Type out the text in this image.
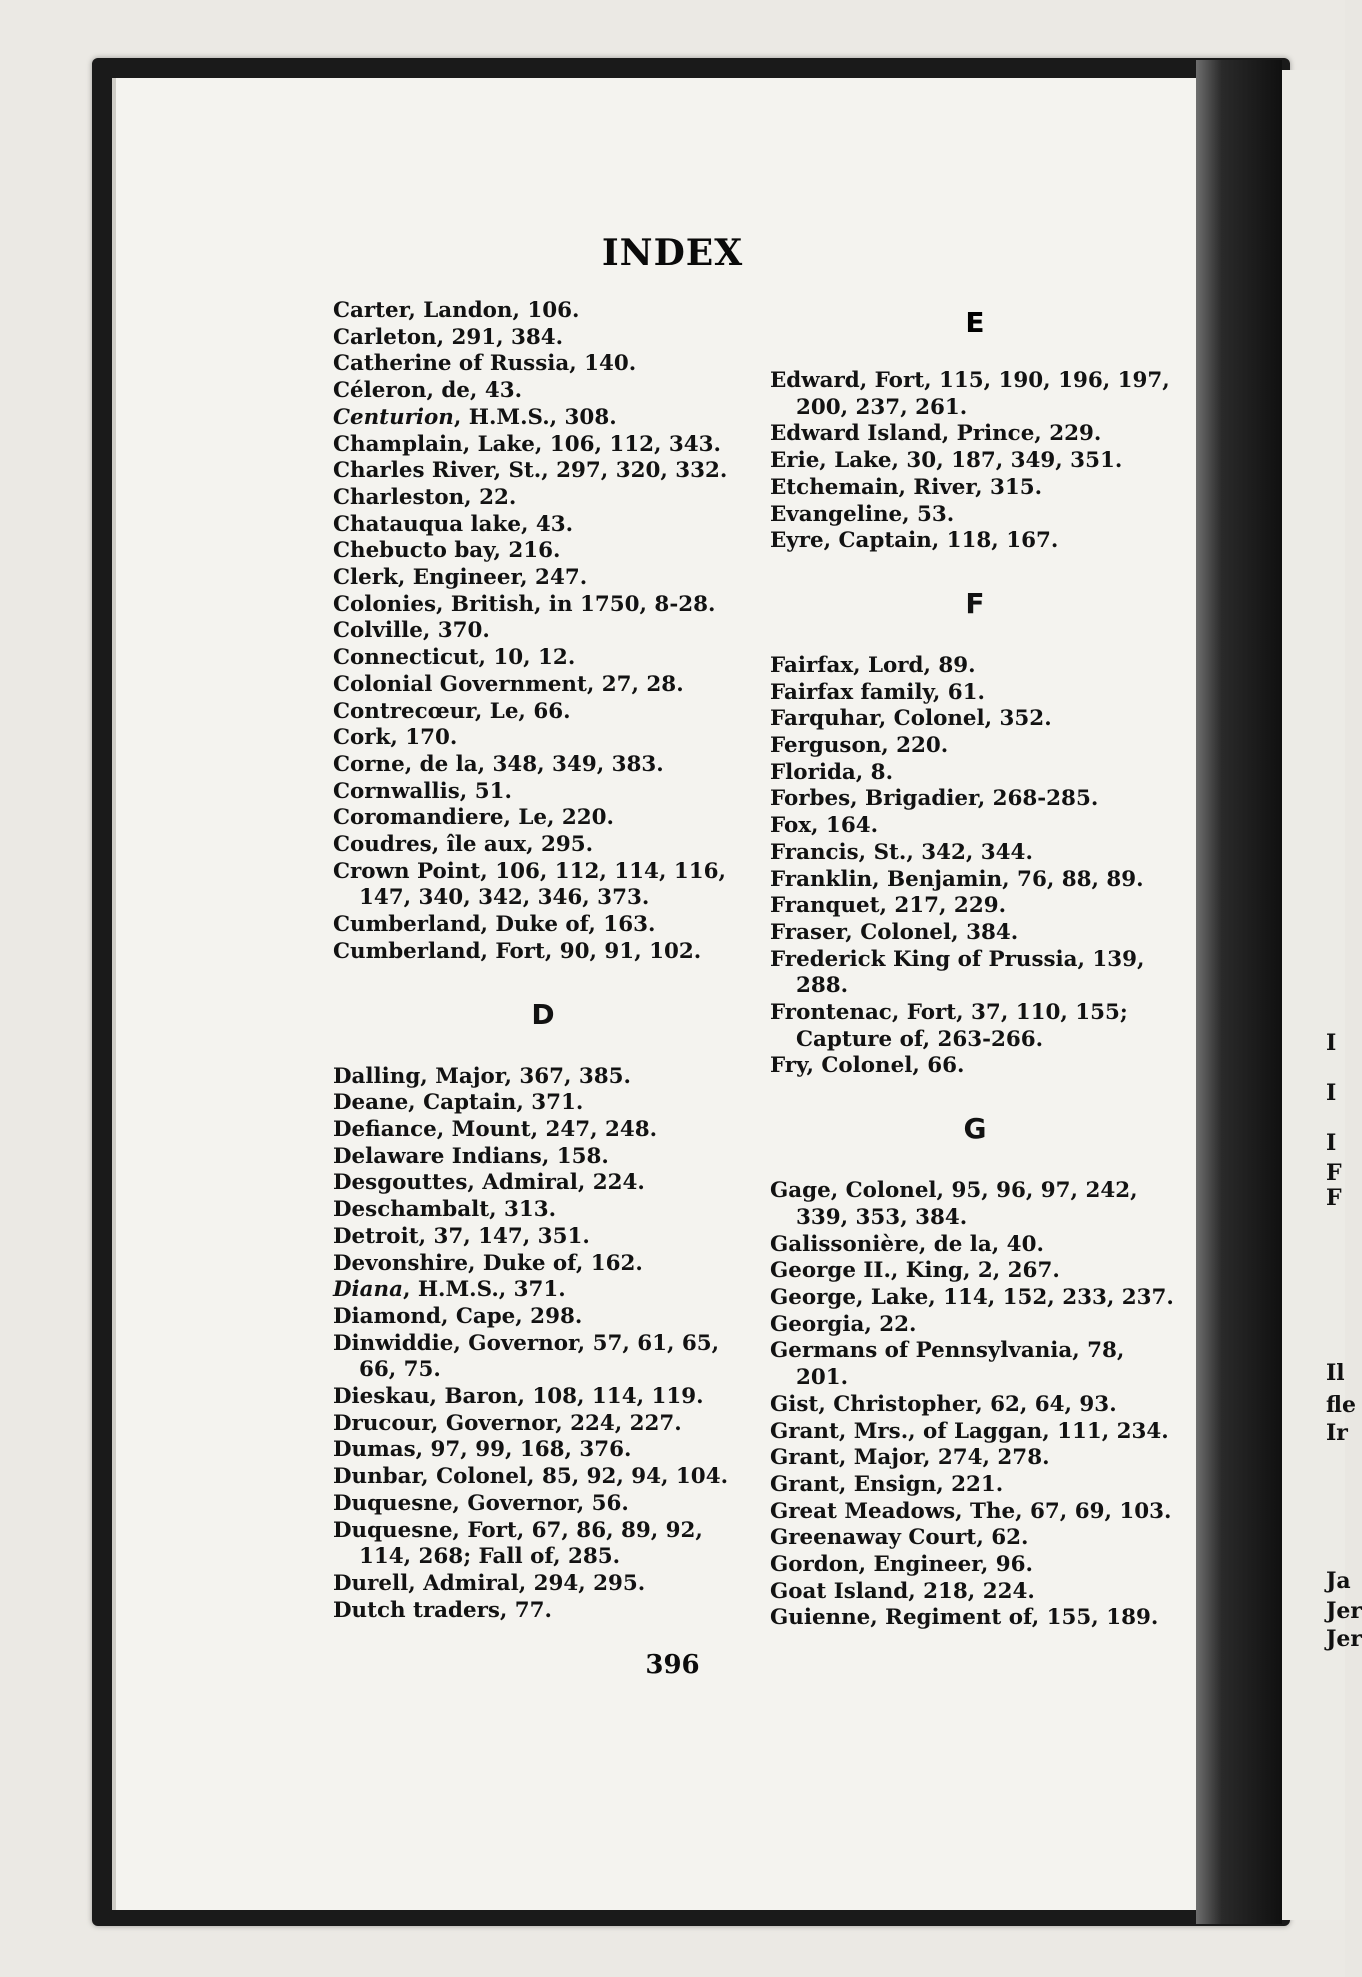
INDEX
Carter, Landon, 106.
Carleton, 291, 384.
Catherine of Russia, 140.
Céleron, de, 43.
Centurion, H.M.S., 308.
Champlain, Lake, 106, 112, 343.
Charles River, St., 297, 320, 332.
Charleston, 22.
Chatauqua lake, 43.
Chebucto bay, 216.
Clerk, Engineer, 247.
Colonies, British, in 1750, 8-28.
Colville, 370.
Connecticut, 10, 12.
Colonial Government, 27, 28.
Contrecœur, Le, 66.
Cork, 170.
Corne, de la, 348, 349, 383.
Cornwallis, 51.
Coromandiere, Le, 220.
Coudres, île aux, 295.
Crown Point, 106, 112, 114, 116, 147, 340, 342, 346, 373.
Cumberland, Duke of, 163.
Cumberland, Fort, 90, 91, 102.
D
Dalling, Major, 367, 385.
Deane, Captain, 371.
Defiance, Mount, 247, 248.
Delaware Indians, 158.
Desgouttes, Admiral, 224.
Deschambalt, 313.
Detroit, 37, 147, 351.
Devonshire, Duke of, 162.
Diana, H.M.S., 371.
Diamond, Cape, 298.
Dinwiddie, Governor, 57, 61, 65, 66, 75.
Dieskau, Baron, 108, 114, 119.
Drucour, Governor, 224, 227.
Dumas, 97, 99, 168, 376.
Dunbar, Colonel, 85, 92, 94, 104.
Duquesne, Governor, 56.
Duquesne, Fort, 67, 86, 89, 92, 114, 268; Fall of, 285.
Durell, Admiral, 294, 295.
Dutch traders, 77.
Edward, Fort, 115, 190, 196, 197, 200, 237, 261.
Edward Island, Prince, 229.
Erie, Lake, 30, 187, 349, 351.
Etchemain, River, 315.
Evangeline, 53.
Eyre, Captain, 118, 167.
F
Fairfax, Lord, 89.
Fairfax family, 61.
Farquhar, Colonel, 352.
Ferguson, 220.
Florida, 8.
Forbes, Brigadier, 268-285.
Fox, 164.
Francis, St., 342, 344.
Franklin, Benjamin, 76, 88, 89.
Franquet, 217, 229.
Fraser, Colonel, 384.
Frederick King of Prussia, 139, 288.
Frontenac, Fort, 37, 110, 155; Capture of, 263-266.
Fry, Colonel, 66.
G
Gage, Colonel, 95, 96, 97, 242, 339, 353, 384.
Galissonière, de la, 40.
George II., King, 2, 267.
George, Lake, 114, 152, 233, 237.
Georgia, 22.
Germans of Pennsylvania, 78, 201.
Gist, Christopher, 62, 64, 93.
Grant, Mrs., of Laggan, 111, 234.
Grant, Major, 274, 278.
Grant, Ensign, 221.
Great Meadows, The, 67, 69, 103.
Greenaway Court, 62.
Gordon, Engineer, 96.
Goat Island, 218, 224.
Guienne, Regiment of, 155, 189.
E
396
I
I
I
F
F
Il
fle
Ir
Ja
Jer
Jer
